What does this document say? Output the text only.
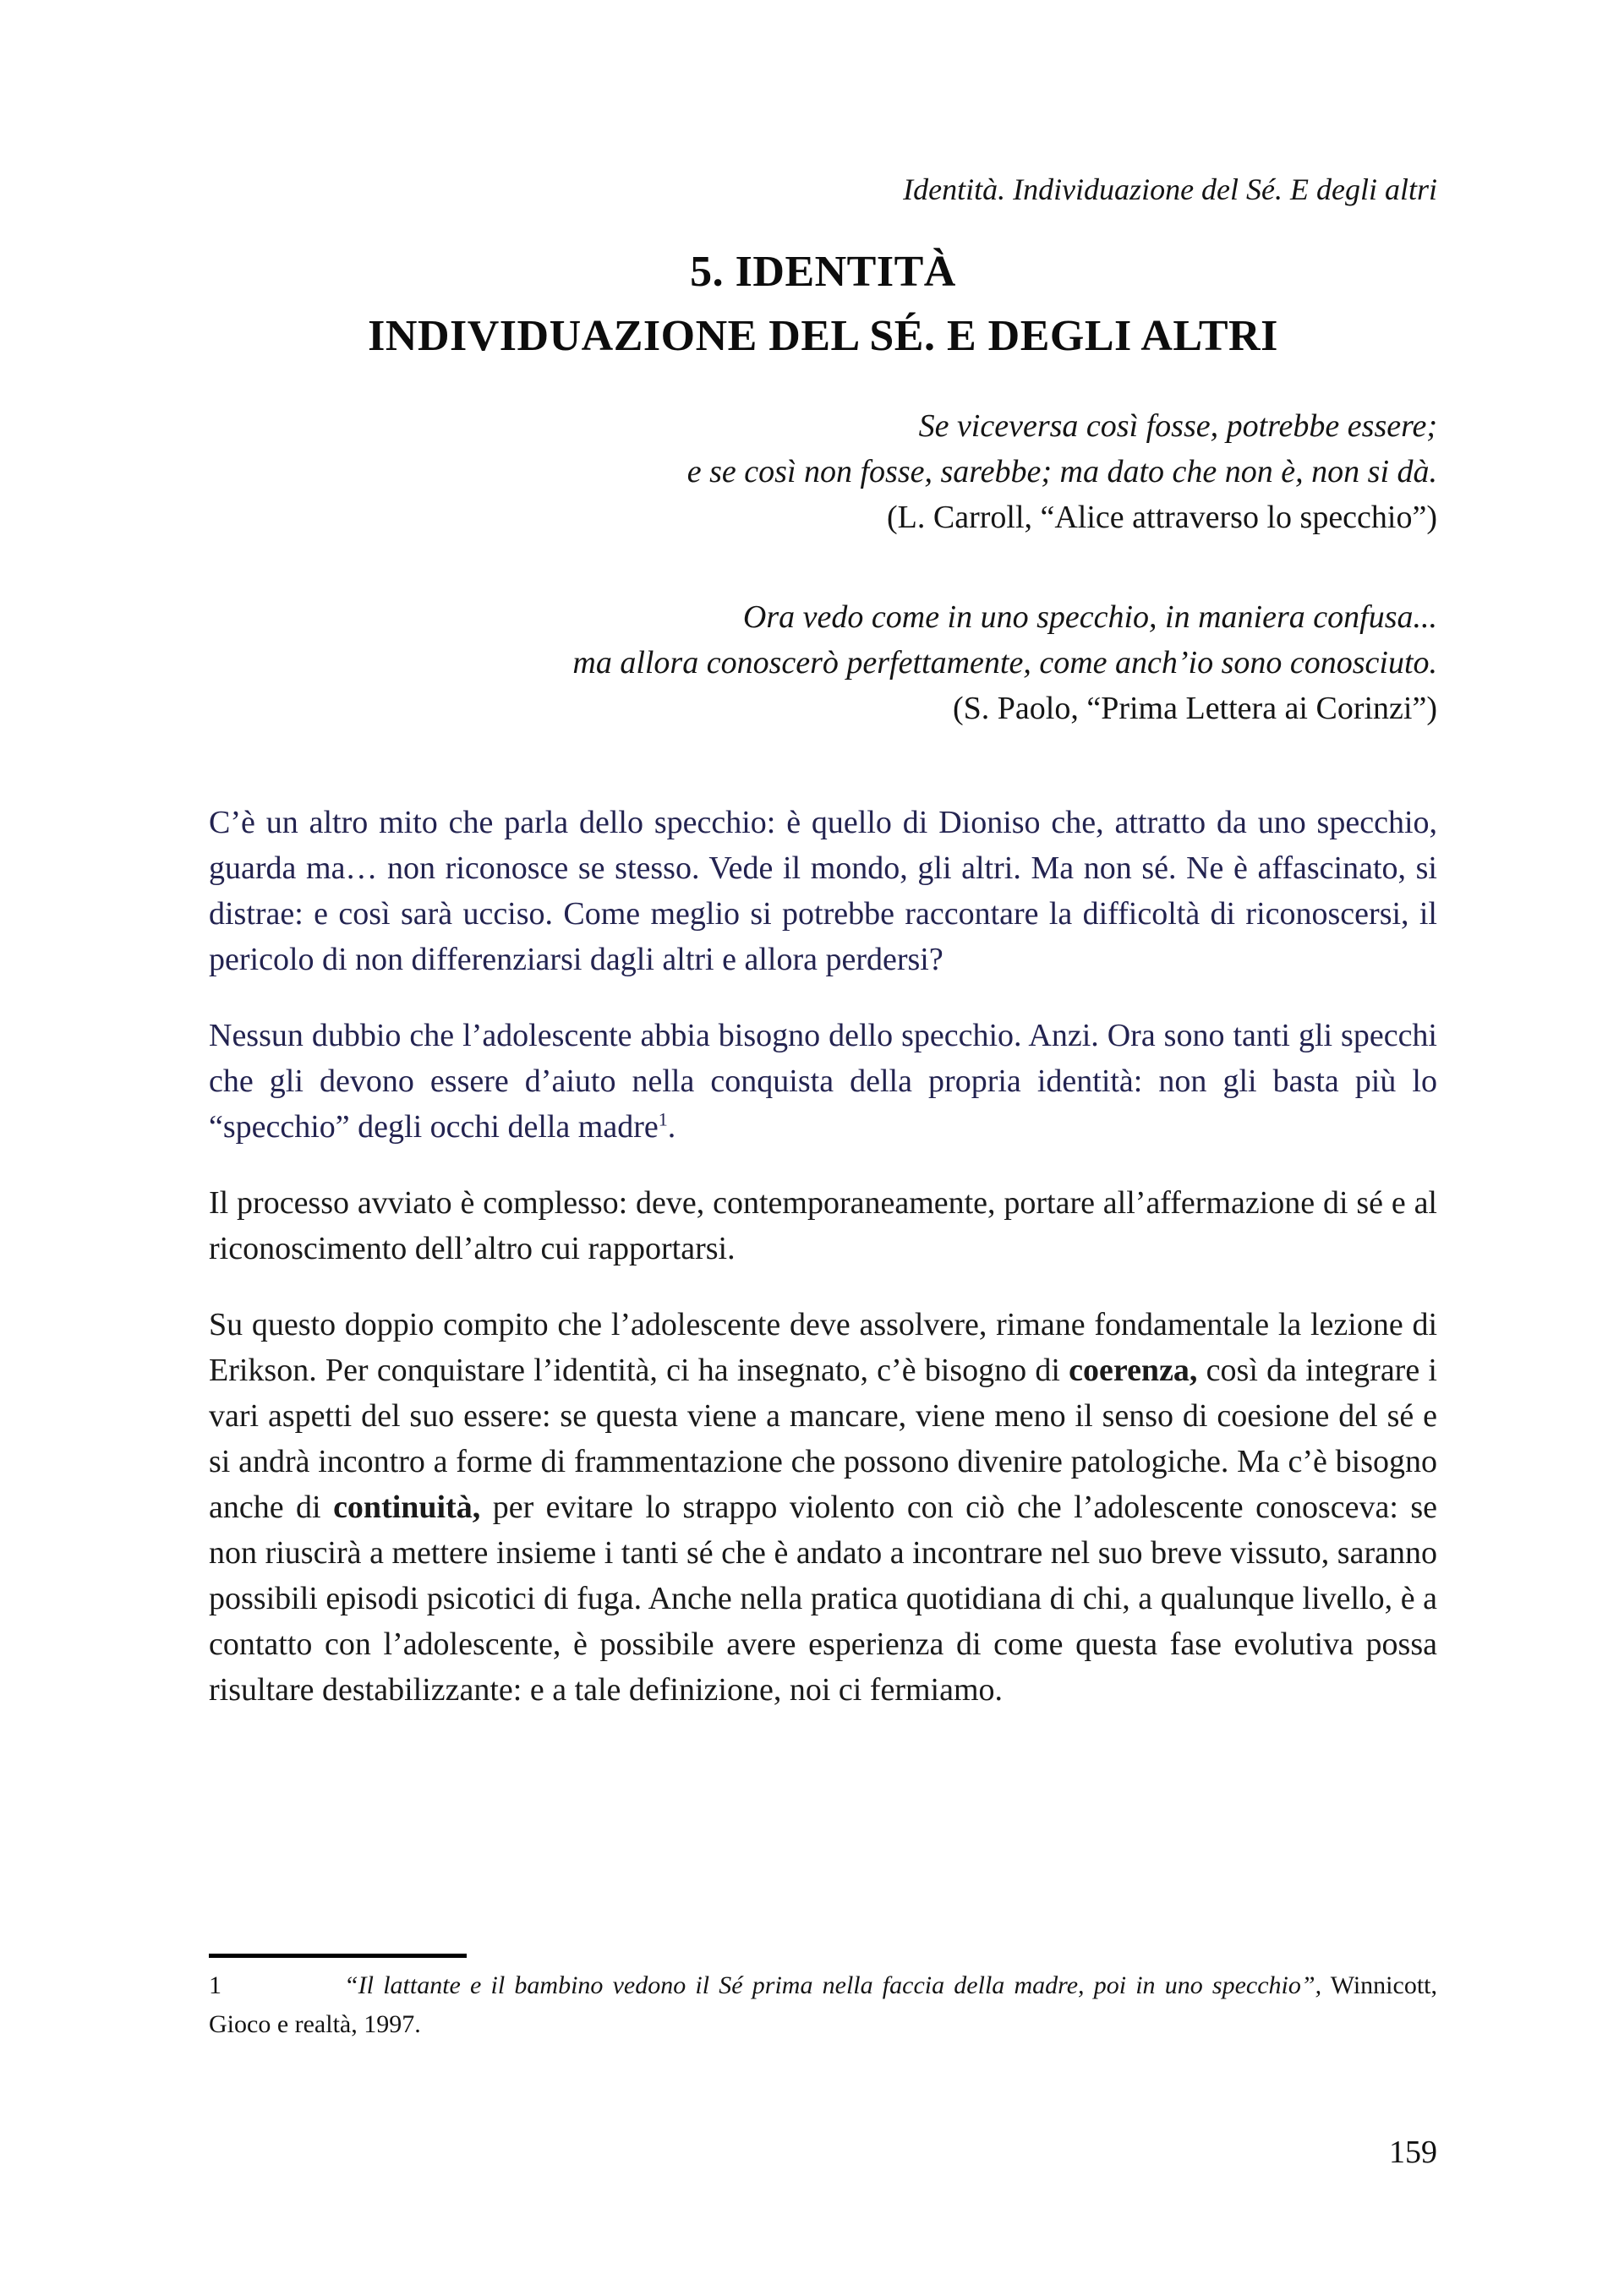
Identità. Individuazione del Sé. E degli altri
5. IDENTITÀ
INDIVIDUAZIONE DEL SÉ. E DEGLI ALTRI
Se viceversa così fosse, potrebbe essere;
e se così non fosse, sarebbe; ma dato che non è, non si dà.
(L. Carroll, “Alice attraverso lo specchio”)
Ora vedo come in uno specchio, in maniera confusa...
ma allora conoscerò perfettamente, come anch’io sono conosciuto.
(S. Paolo, “Prima Lettera ai Corinzi”)

C’è un altro mito che parla dello specchio: è quello di Dioniso che, attratto da uno specchio, guarda ma… non riconosce se stesso. Vede il mondo, gli altri. Ma non sé. Ne è affascinato, si distrae: e così sarà ucciso. Come meglio si potrebbe raccontare la difficoltà di riconoscersi, il pericolo di non differenziarsi dagli altri e allora perdersi?

Nessun dubbio che l’adolescente abbia bisogno dello specchio. Anzi. Ora sono tanti gli specchi che gli devono essere d’aiuto nella conquista della propria identità: non gli basta più lo “specchio” degli occhi della madre$^1$.

Il processo avviato è complesso: deve, contemporaneamente, portare all’affermazione di sé e al riconoscimento dell’altro cui rapportarsi.

Su questo doppio compito che l’adolescente deve assolvere, rimane fondamentale la lezione di Erikson. Per conquistare l’identità, ci ha insegnato, c’è bisogno di coerenza, così da integrare i vari aspetti del suo essere: se questa viene a mancare, viene meno il senso di coesione del sé e si andrà incontro a forme di frammentazione che possono divenire patologiche. Ma c’è bisogno anche di continuità, per evitare lo strappo violento con ciò che l’adolescente conosceva: se non riuscirà a mettere insieme i tanti sé che è andato a incontrare nel suo breve vissuto, saranno possibili episodi psicotici di fuga. Anche nella pratica quotidiana di chi, a qualunque livello, è a contatto con l’adolescente, è possibile avere esperienza di come questa fase evolutiva possa risultare destabilizzante: e a tale definizione, noi ci fermiamo.

1	“Il lattante e il bambino vedono il Sé prima nella faccia della madre, poi in uno specchio”, Winnicott, Gioco e realtà, 1997.
159
